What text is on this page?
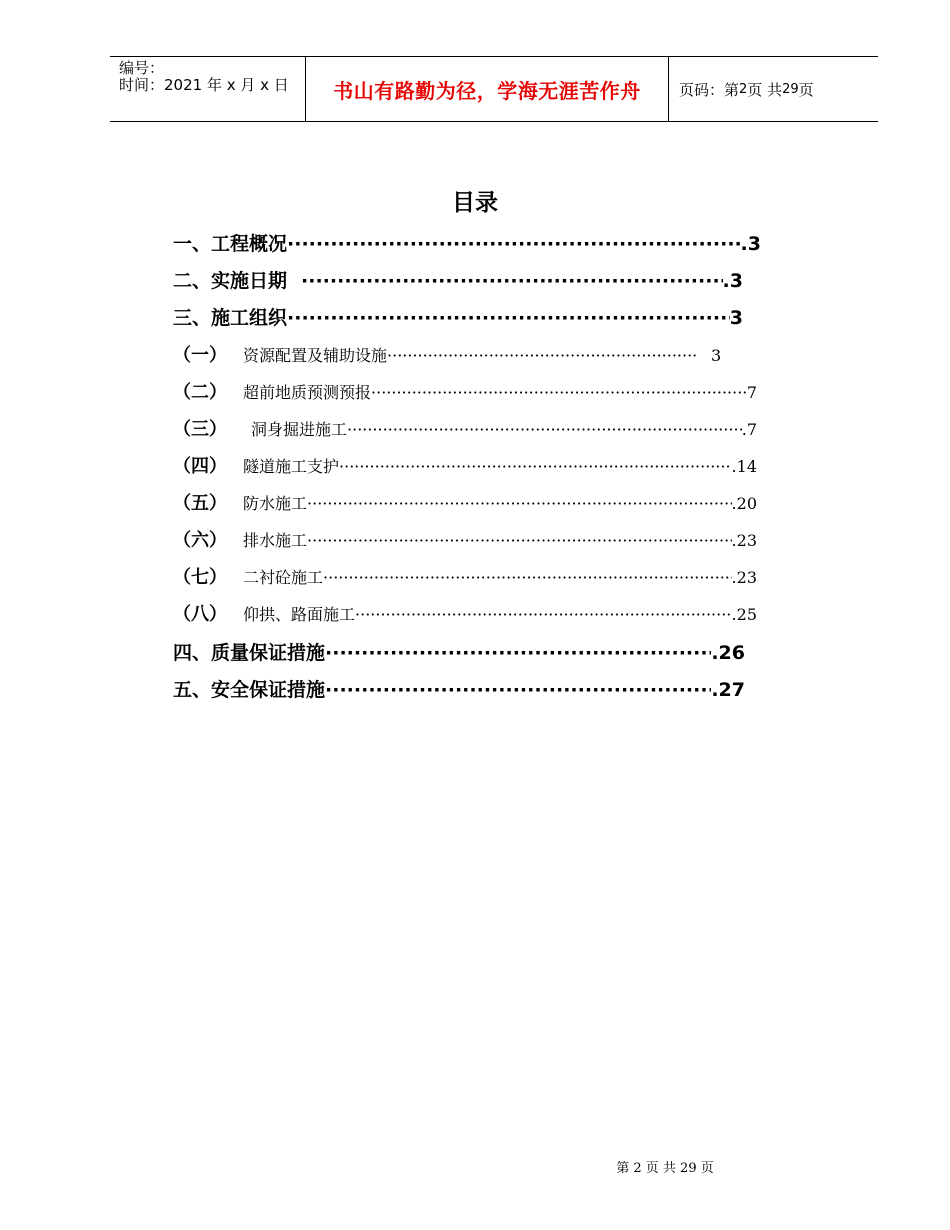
编号：
时间：2021 年 x 月 x 日	书山有路勤为径，学海无涯苦作舟	页码：第 2 页 共 29 页
目录
一、 工程概况 ·····	.3
二、 实施日期 ·····	.3
三、 施工组织 ·····	3
（一）	资源配置及辅助设施 ·····	3
（二）	超前地质预测预报 ·····	7
（三）	洞身掘进施工 ·····	.7
（四）	隧道施工支护 ·····	.14
（五）	防水施工 ·····	.20
（六）	排水施工 ·····	.23
（七）	二衬砼施工 ·····	.23
（八）	仰拱、路面施工 ·····	.25
四、 质量保证措施 ·····	.26
五、 安全保证措施 ·····	.27
第 2 页 共 29 页
